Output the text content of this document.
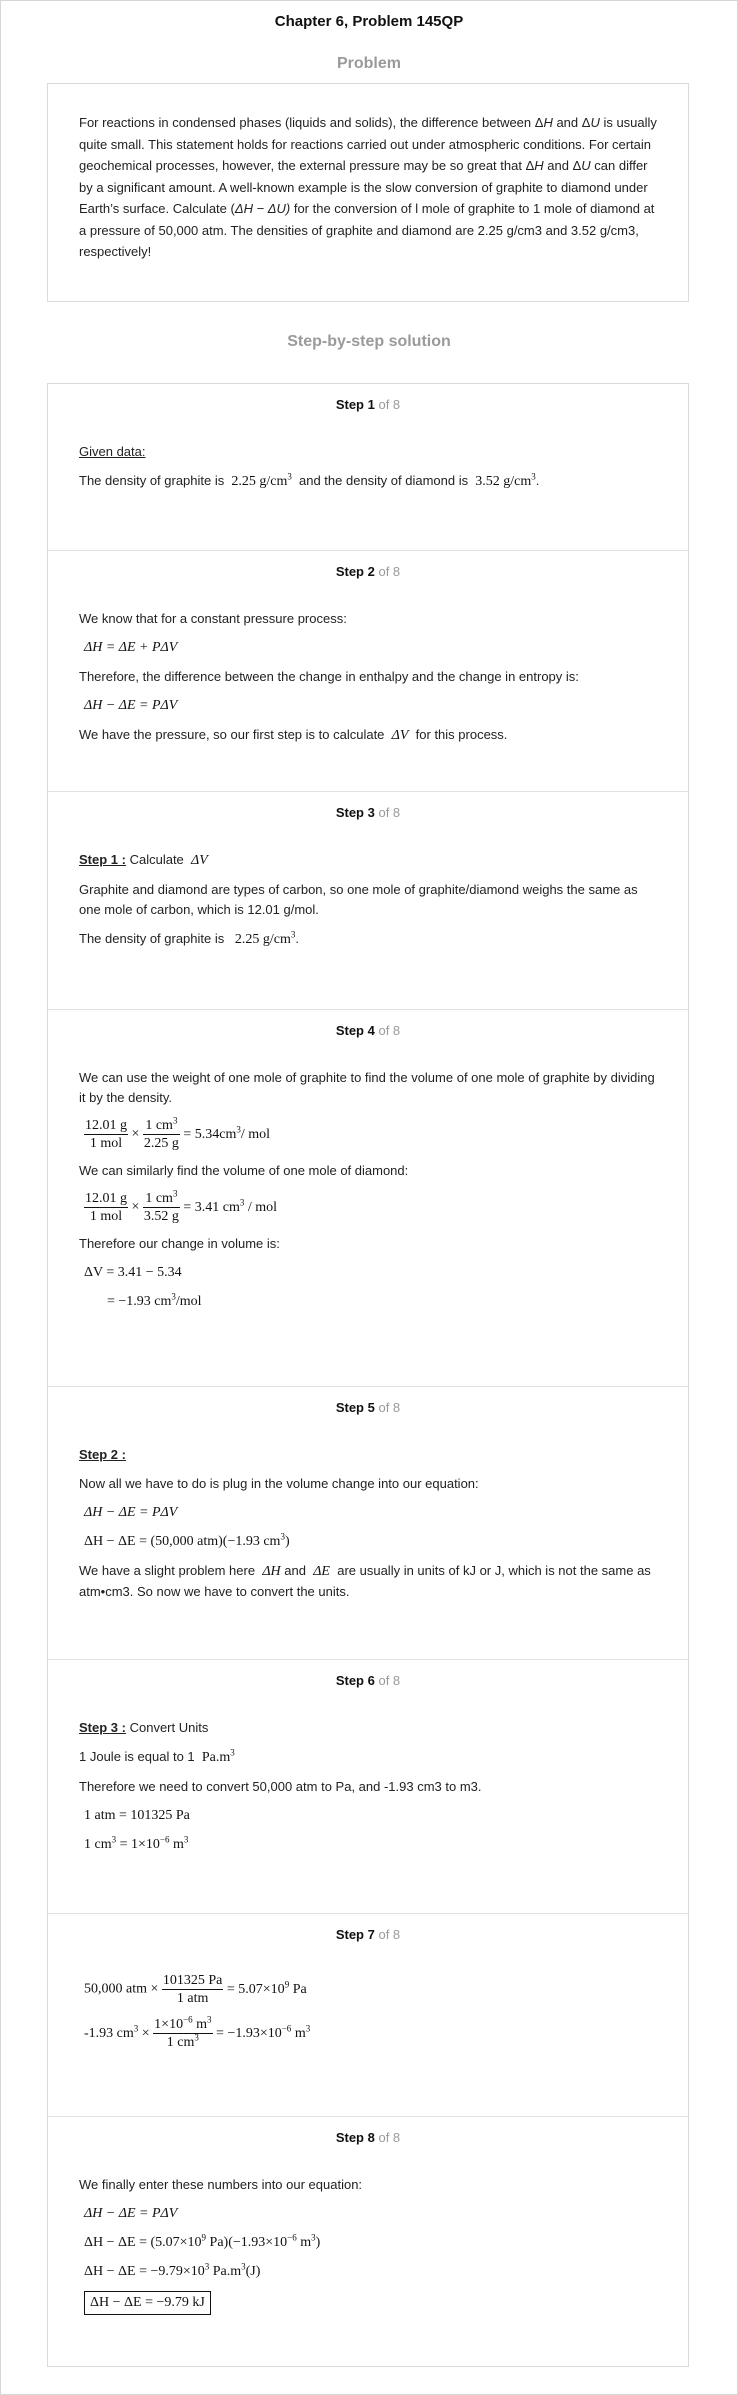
Chapter 6, Problem 145QP
Problem
For reactions in condensed phases (liquids and solids), the difference between ΔH and ΔU is usually quite small. This statement holds for reactions carried out under atmospheric conditions. For certain geochemical processes, however, the external pressure may be so great that ΔH and ΔU can differ by a significant amount. A well-known example is the slow conversion of graphite to diamond under Earth’s surface. Calculate (ΔH − ΔU) for the conversion of l mole of graphite to 1 mole of diamond at a pressure of 50,000 atm. The densities of graphite and diamond are 2.25 g/cm3 and 3.52 g/cm3, respectively!
Step-by-step solution
Step 1 of 8

Given data:

The density of graphite is 2.25 $g/cm^3$ and the density of diamond is 3.52 $g/cm^3$.

Step 2 of 8

We know that for a constant pressure process:

ΔH = ΔE + PΔV

Therefore, the difference between the change in enthalpy and the change in entropy is:

ΔH − ΔE = PΔV

We have the pressure, so our first step is to calculate ΔV for this process.

Step 3 of 8

Step 1 : Calculate ΔV

Graphite and diamond are types of carbon, so one mole of graphite/diamond weighs the same as one mole of carbon, which is 12.01 g/mol.

The density of graphite is 2.25 $g/cm^3$.

Step 4 of 8

We can use the weight of one mole of graphite to find the volume of one mole of graphite by dividing it by the density.

$\frac{12.01 g}{\text{1 mol}} \times \frac{1 cm^3}{2.25 g} = 5.34cm^3/$ mol

We can similarly find the volume of one mole of diamond:

$\frac{12.01 g}{\text{1 mol}} \times \frac{1 cm^3}{3.52 g} = 3.41$ $cm^3$ / mol

Therefore our change in volume is:

ΔV = 3.41 − 5.34
= −1.93 $cm^3$/mol
Step 5 of 8

Step 2 :

Now all we have to do is plug in the volume change into our equation:

ΔH − ΔE = PΔV
ΔH − ΔE = (50,000 atm)(−1.93 $cm^3$)

We have a slight problem here ΔH and ΔE are usually in units of kJ or J, which is not the same as atm•cm3. So now we have to convert the units.

Step 6 of 8

Step 3 : Convert Units

1 Joule is equal to 1 $Pa.m^3$

Therefore we need to convert 50,000 atm to Pa, and -1.93 cm3 to m3.

1 atm = 101325 Pa
1 $cm^3 = 1\times 10^{-6}$ $m^3$
Step 7 of 8
50,000 atm × $\frac{101325 Pa}{\text{1 atm}} = 5.07\times 10^9$ Pa
-1.93 $cm^3 \times \frac{1\times 10^{-6} m^3}{1 cm^3} = -1.93\times 10^{-6}$ $m^3$
Step 8 of 8

We finally enter these numbers into our equation:

ΔH − ΔE = PΔV
$\Delta H - \Delta E = (5.07\times 10^9$ $Pa)(-1.93\times 10^{-6}$ $m^3$)
$\Delta H - \Delta E = -9.79\times 10^3$ $Pa.m^3(J)$
ΔH − ΔE = −9.79 kJ
